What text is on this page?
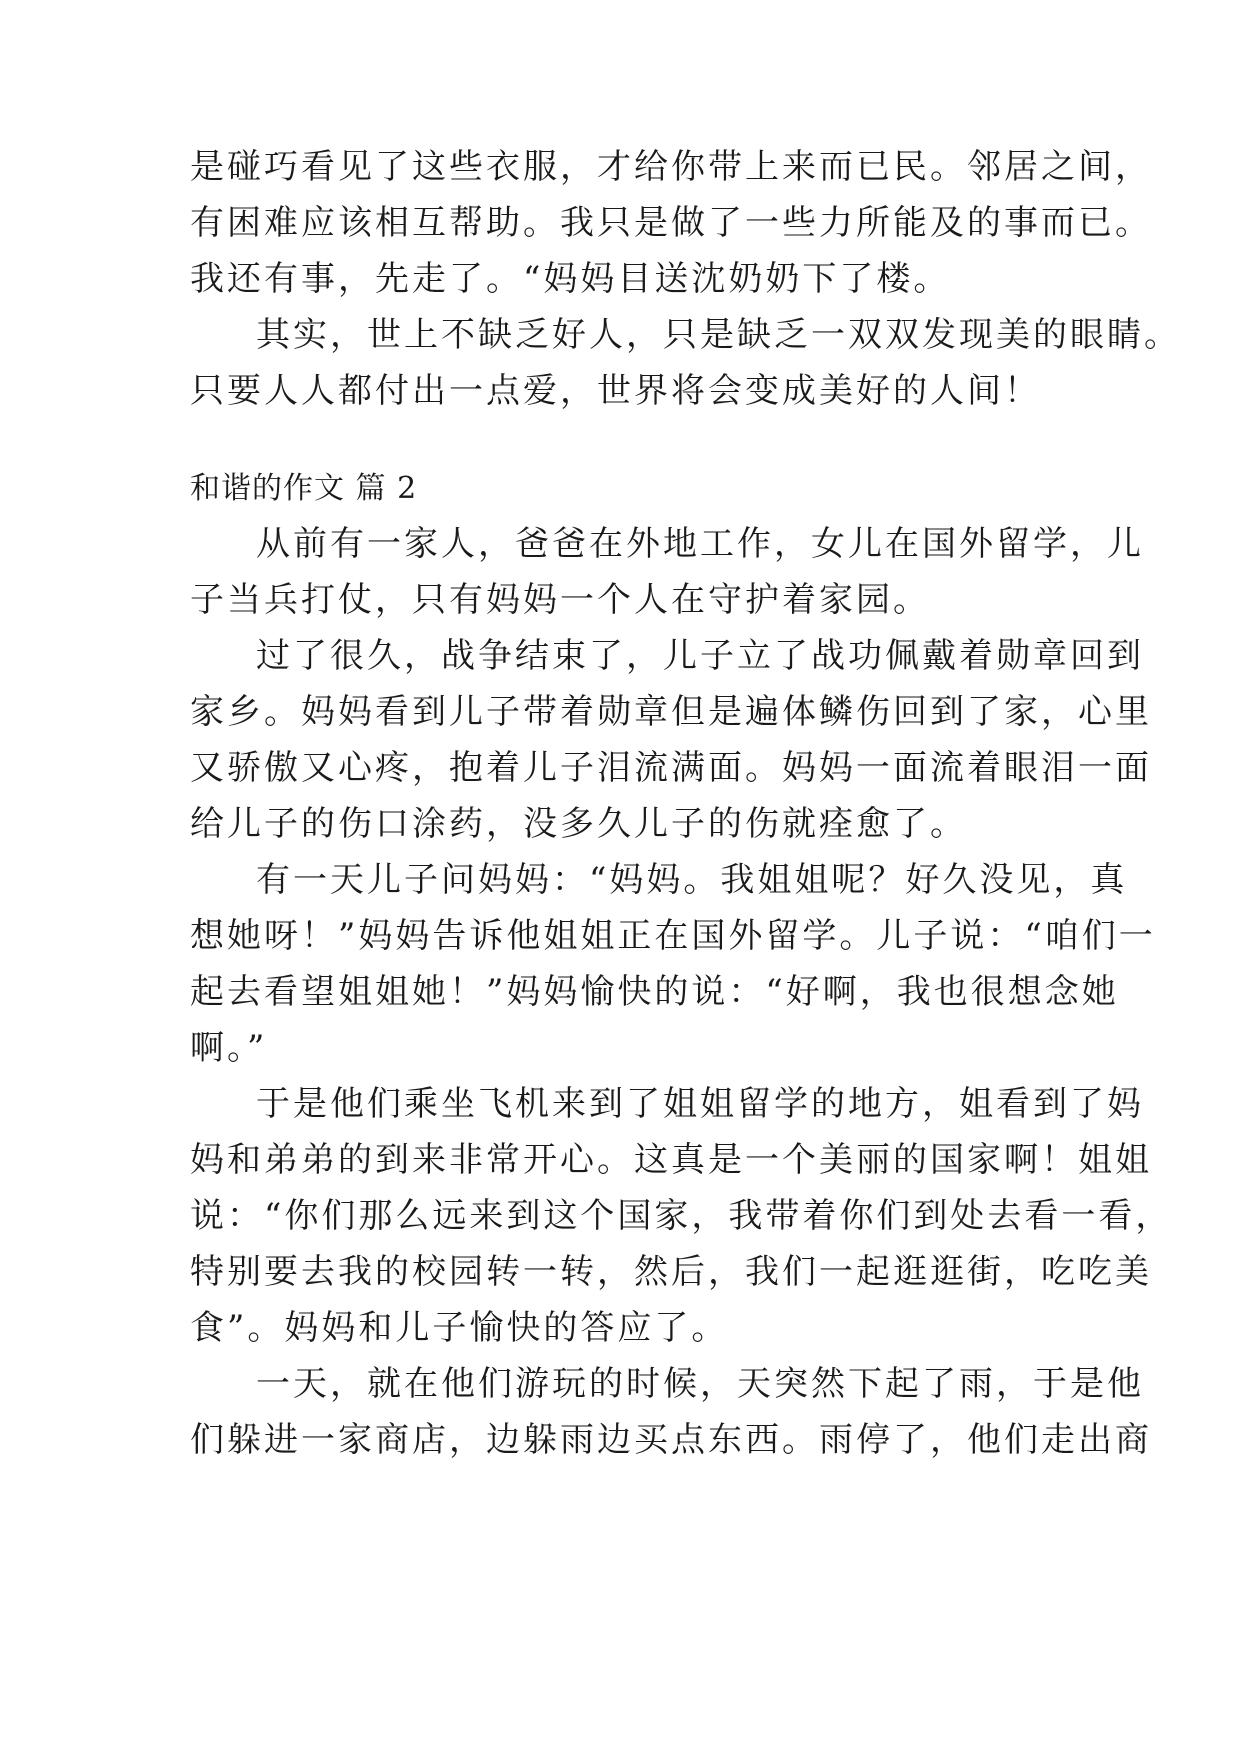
是碰巧看见了这些衣服，才给你带上来而已民。邻居之间，
有困难应该相互帮助。我只是做了一些力所能及的事而已。
我还有事，先走了。“妈妈目送沈奶奶下了楼。
其实，世上不缺乏好人，只是缺乏一双双发现美的眼睛。
只要人人都付出一点爱，世界将会变成美好的人间！
和谐的作文 篇 2
从前有一家人，爸爸在外地工作，女儿在国外留学，儿
子当兵打仗，只有妈妈一个人在守护着家园。
过了很久，战争结束了，儿子立了战功佩戴着勋章回到
家乡。妈妈看到儿子带着勋章但是遍体鳞伤回到了家，心里
又骄傲又心疼，抱着儿子泪流满面。妈妈一面流着眼泪一面
给儿子的伤口涂药，没多久儿子的伤就痊愈了。
有一天儿子问妈妈：“妈妈。我姐姐呢？好久没见，真
想她呀！”妈妈告诉他姐姐正在国外留学。儿子说：“咱们一
起去看望姐姐她！”妈妈愉快的说：“好啊，我也很想念她
啊。”
于是他们乘坐飞机来到了姐姐留学的地方，姐看到了妈
妈和弟弟的到来非常开心。这真是一个美丽的国家啊！姐姐
说：“你们那么远来到这个国家，我带着你们到处去看一看，
特别要去我的校园转一转，然后，我们一起逛逛街，吃吃美
食”。妈妈和儿子愉快的答应了。
一天，就在他们游玩的时候，天突然下起了雨，于是他
们躲进一家商店，边躲雨边买点东西。雨停了，他们走出商
